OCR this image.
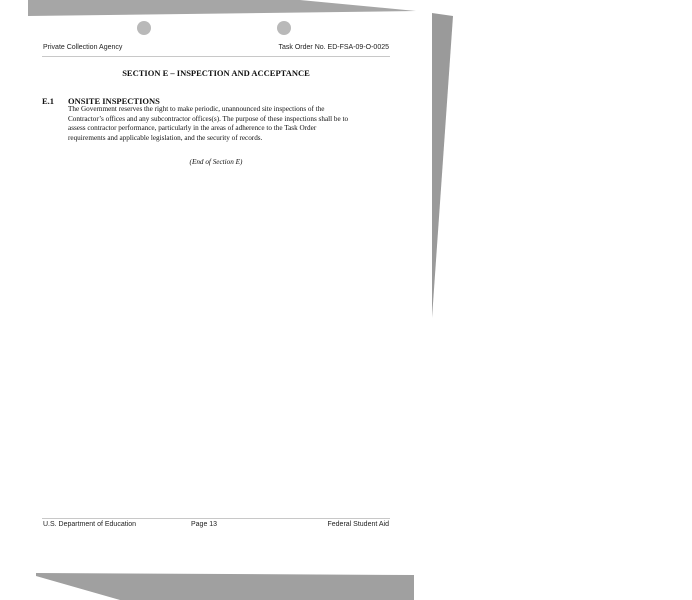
Private Collection Agency	Task Order No. ED-FSA-09-O-0025
SECTION E – INSPECTION AND ACCEPTANCE
E.1 ONSITE INSPECTIONS
The Government reserves the right to make periodic, unannounced site inspections of the
Contractor’s offices and any subcontractor offices(s). The purpose of these inspections shall be to
assess contractor performance, particularly in the areas of adherence to the Task Order
requirements and applicable legislation, and the security of records.
(End of Section E)
U.S. Department of Education	Page 13	Federal Student Aid
